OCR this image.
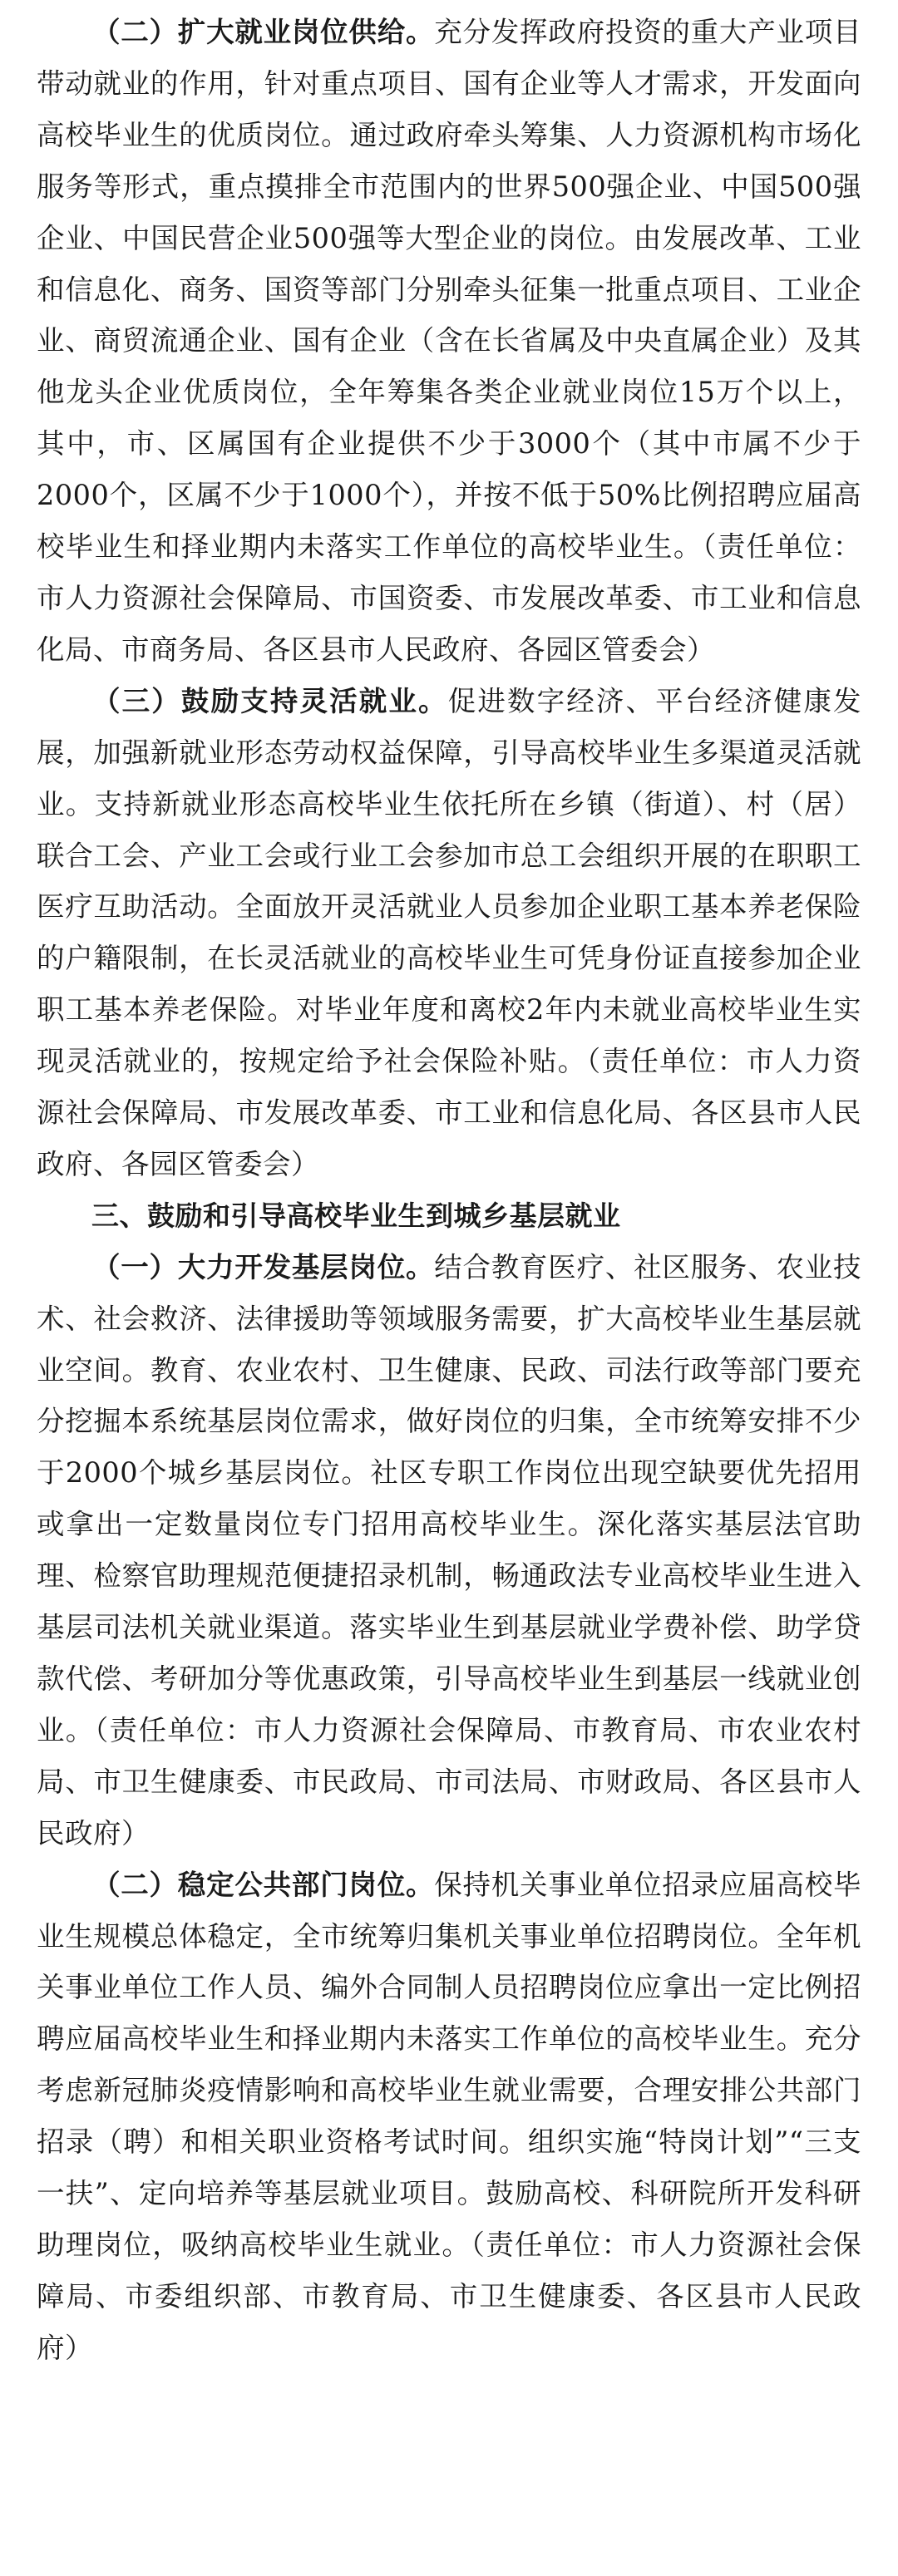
（二）扩大就业岗位供给。充分发挥政府投资的重大产业项目带动就业的作用，针对重点项目、国有企业等人才需求，开发面向高校毕业生的优质岗位。通过政府牵头筹集、人力资源机构市场化服务等形式，重点摸排全市范围内的世界500强企业、中国500强企业、中国民营企业500强等大型企业的岗位。由发展改革、工业和信息化、商务、国资等部门分别牵头征集一批重点项目、工业企业、商贸流通企业、国有企业（含在长省属及中央直属企业）及其他龙头企业优质岗位，全年筹集各类企业就业岗位15万个以上，其中，市、区属国有企业提供不少于3000个（其中市属不少于2000个，区属不少于1000个），并按不低于50%比例招聘应届高校毕业生和择业期内未落实工作单位的高校毕业生。（责任单位：市人力资源社会保障局、市国资委、市发展改革委、市工业和信息化局、市商务局、各区县市人民政府、各园区管委会）

（三）鼓励支持灵活就业。促进数字经济、平台经济健康发展，加强新就业形态劳动权益保障，引导高校毕业生多渠道灵活就业。支持新就业形态高校毕业生依托所在乡镇（街道）、村（居）联合工会、产业工会或行业工会参加市总工会组织开展的在职职工医疗互助活动。全面放开灵活就业人员参加企业职工基本养老保险的户籍限制，在长灵活就业的高校毕业生可凭身份证直接参加企业职工基本养老保险。对毕业年度和离校2年内未就业高校毕业生实现灵活就业的，按规定给予社会保险补贴。（责任单位：市人力资源社会保障局、市发展改革委、市工业和信息化局、各区县市人民政府、各园区管委会）

三、鼓励和引导高校毕业生到城乡基层就业

（一）大力开发基层岗位。结合教育医疗、社区服务、农业技术、社会救济、法律援助等领域服务需要，扩大高校毕业生基层就业空间。教育、农业农村、卫生健康、民政、司法行政等部门要充分挖掘本系统基层岗位需求，做好岗位的归集，全市统筹安排不少于2000个城乡基层岗位。社区专职工作岗位出现空缺要优先招用或拿出一定数量岗位专门招用高校毕业生。深化落实基层法官助理、检察官助理规范便捷招录机制，畅通政法专业高校毕业生进入基层司法机关就业渠道。落实毕业生到基层就业学费补偿、助学贷款代偿、考研加分等优惠政策，引导高校毕业生到基层一线就业创业。（责任单位：市人力资源社会保障局、市教育局、市农业农村局、市卫生健康委、市民政局、市司法局、市财政局、各区县市人民政府）

（二）稳定公共部门岗位。保持机关事业单位招录应届高校毕业生规模总体稳定，全市统筹归集机关事业单位招聘岗位。全年机关事业单位工作人员、编外合同制人员招聘岗位应拿出一定比例招聘应届高校毕业生和择业期内未落实工作单位的高校毕业生。充分考虑新冠肺炎疫情影响和高校毕业生就业需要，合理安排公共部门招录（聘）和相关职业资格考试时间。组织实施“特岗计划”“三支一扶”、定向培养等基层就业项目。鼓励高校、科研院所开发科研助理岗位，吸纳高校毕业生就业。（责任单位：市人力资源社会保障局、市委组织部、市教育局、市卫生健康委、各区县市人民政府）
